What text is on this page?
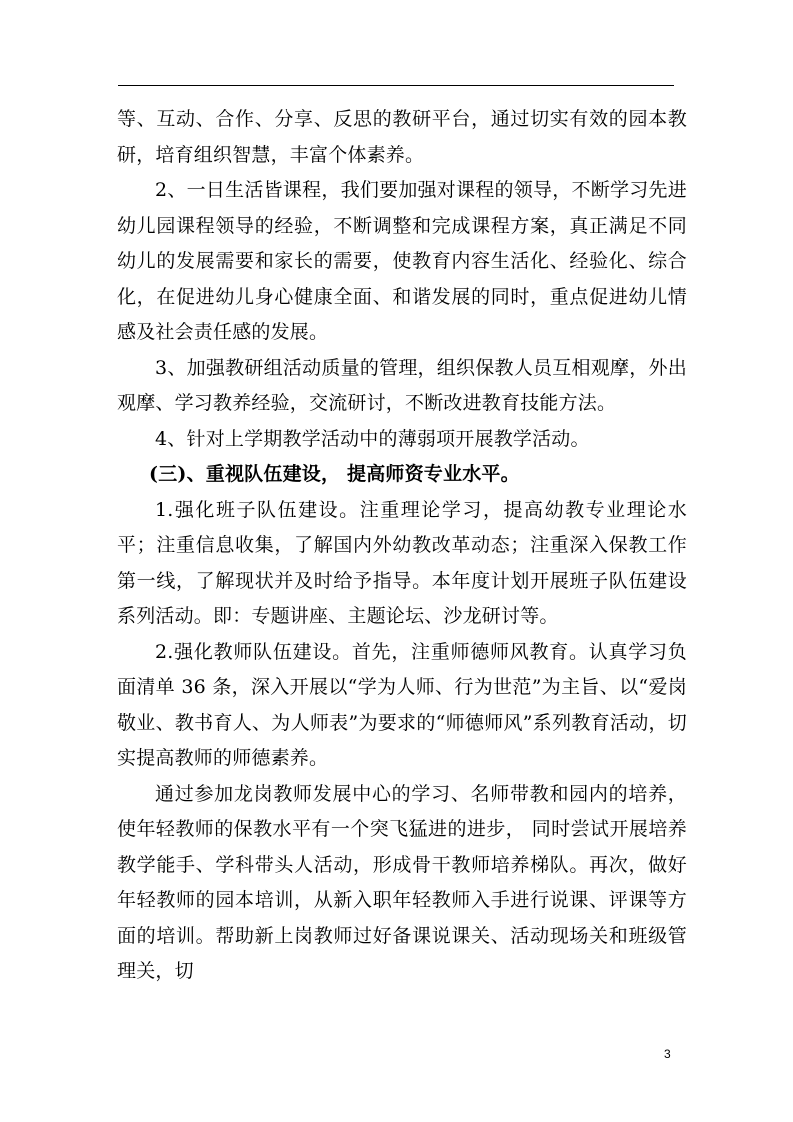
等、互动、合作、分享、反思的教研平台，通过切实有效的园本教研，培育组织智慧，丰富个体素养。

2、一日生活皆课程，我们要加强对课程的领导，不断学习先进幼儿园课程领导的经验，不断调整和完成课程方案，真正满足不同幼儿的发展需要和家长的需要，使教育内容生活化、经验化、综合化，在促进幼儿身心健康全面、和谐发展的同时，重点促进幼儿情感及社会责任感的发展。

3、加强教研组活动质量的管理，组织保教人员互相观摩，外出观摩、学习教养经验，交流研讨，不断改进教育技能方法。

4、针对上学期教学活动中的薄弱项开展教学活动。

(三)、重视队伍建设， 提高师资专业水平。

1.强化班子队伍建设。注重理论学习，提高幼教专业理论水平；注重信息收集，了解国内外幼教改革动态；注重深入保教工作第一线，了解现状并及时给予指导。本年度计划开展班子队伍建设系列活动。即：专题讲座、主题论坛、沙龙研讨等。

2.强化教师队伍建设。首先，注重师德师风教育。认真学习负面清单 36 条，深入开展以“学为人师、行为世范”为主旨、以“爱岗敬业、教书育人、为人师表”为要求的“师德师风”系列教育活动，切实提高教师的师德素养。

通过参加龙岗教师发展中心的学习、名师带教和园内的培养，使年轻教师的保教水平有一个突飞猛进的进步， 同时尝试开展培养教学能手、学科带头人活动，形成骨干教师培养梯队。再次，做好年轻教师的园本培训，从新入职年轻教师入手进行说课、评课等方面的培训。帮助新上岗教师过好备课说课关、活动现场关和班级管理关，切

3
